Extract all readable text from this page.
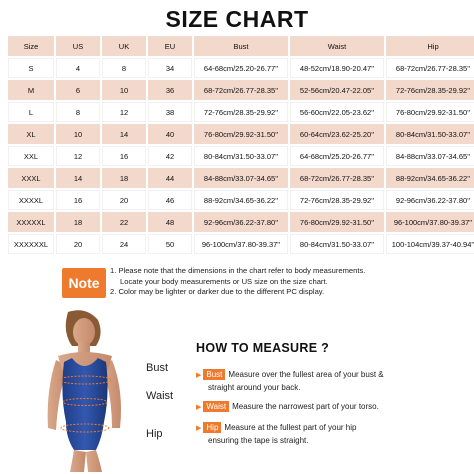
SIZE CHART
Size	US	UK	EU	Bust	Waist	Hip
S	4	8	34	64-68cm/25.20-26.77''	48-52cm/18.90-20.47''	68-72cm/26.77-28.35''
M	6	10	36	68-72cm/26.77-28.35''	52-56cm/20.47-22.05''	72-76cm/28.35-29.92''
L	8	12	38	72-76cm/28.35-29.92''	56-60cm/22.05-23.62''	76-80cm/29.92-31.50''
XL	10	14	40	76-80cm/29.92-31.50''	60-64cm/23.62-25.20''	80-84cm/31.50-33.07''
XXL	12	16	42	80-84cm/31.50-33.07''	64-68cm/25.20-26.77''	84-88cm/33.07-34.65''
XXXL	14	18	44	84-88cm/33.07-34.65''	68-72cm/26.77-28.35''	88-92cm/34.65-36.22''
XXXXL	16	20	46	88-92cm/34.65-36.22''	72-76cm/28.35-29.92''	92-96cm/36.22-37.80''
XXXXXL	18	22	48	92-96cm/36.22-37.80''	76-80cm/29.92-31.50''	96-100cm/37.80-39.37''
XXXXXXL	20	24	50	96-100cm/37.80-39.37''	80-84cm/31.50-33.07''	100-104cm/39.37-40.94''
Note
1. Please note that the dimensions in the chart refer to body measurements.
Locate your body measurements or US size on the size chart.
2. Color may be lighter or darker due to the different PC display.
Bust
Waist
Hip
HOW TO MEASURE ?
▶ Bust Measure over the fullest area of your bust &
straight around your back.
▶ Waist Measure the narrowest part of your torso.
▶ Hip Measure at the fullest part of your hip
ensuring the tape is straight.
